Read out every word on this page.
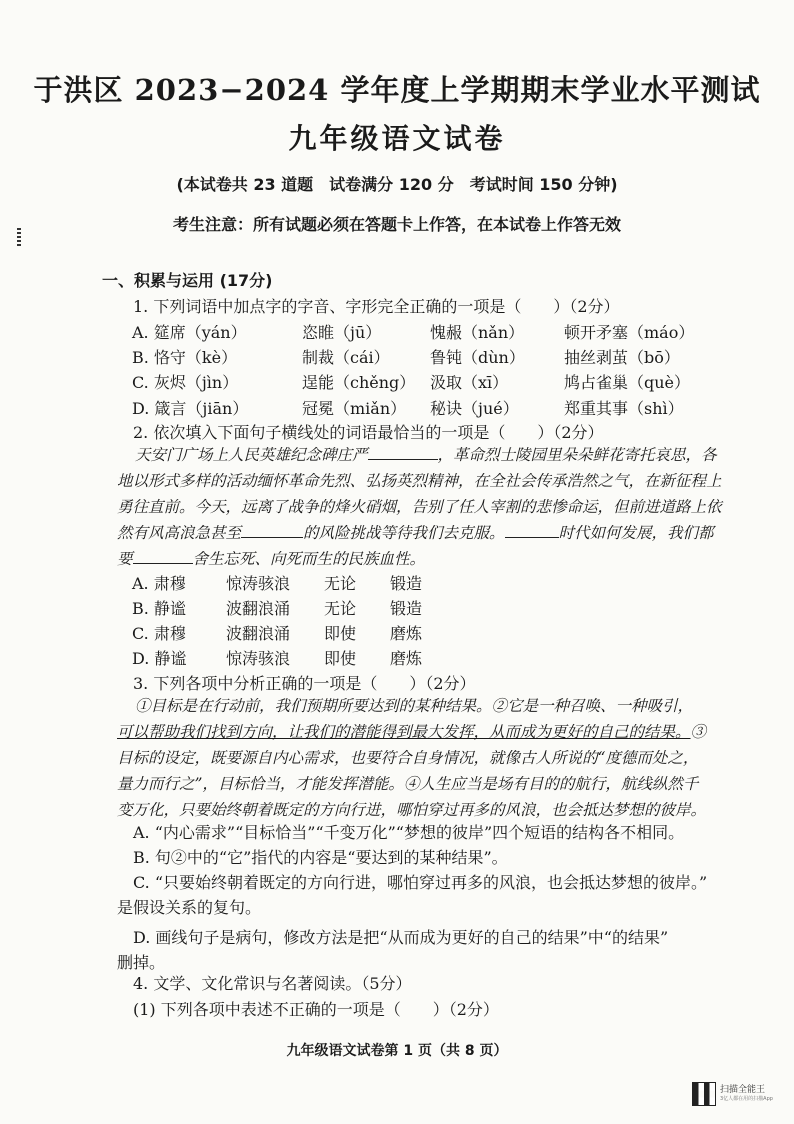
于洪区 2023−2024 学年度上学期期末学业水平测试
九年级语文试卷
(本试卷共 23 道题　试卷满分 120 分　考试时间 150 分钟)
考生注意：所有试题必须在答题卡上作答，在本试卷上作答无效
一、积累与运用 (17分)
1. 下列词语中加点字的字音、字形完全正确的一项是（　　）（2分）
A. 筵席（yán）	恣睢（jū）	愧赧（nǎn） 顿开矛塞（máo）
B. 恪守（kè）	制裁（cái）	鲁钝（dùn） 抽丝剥茧（bō）
C. 灰烬（jìn）	逞能（chěng） 汲取（xī）	鸠占雀巢（què）
D. 箴言（jiān）	冠冕（miǎn） 秘诀（jué）	郑重其事（shì）
2. 依次填入下面句子横线处的词语最恰当的一项是（　　）（2分）
天安门广场上人民英雄纪念碑庄严	，革命烈士陵园里朵朵鲜花寄托哀思，各
地以形式多样的活动缅怀革命先烈、弘扬英烈精神，在全社会传承浩然之气，在新征程上
勇往直前。今天，远离了战争的烽火硝烟，告别了任人宰割的悲惨命运，但前进道路上依
然有风高浪急甚至	的风险挑战等待我们去克服。	时代如何发展，我们都
要	舍生忘死、向死而生的民族血性。
A. 肃穆	惊涛骇浪 无论 锻造
B. 静谧	波翻浪涌 无论 锻造
C. 肃穆	波翻浪涌 即使 磨炼
D. 静谧 惊涛骇浪 即使 磨炼
3. 下列各项中分析正确的一项是（　　）（2分）
①目标是在行动前，我们预期所要达到的某种结果。②它是一种召唤、一种吸引，
可以帮助我们找到方向，让我们的潜能得到最大发挥，从而成为更好的自己的结果。③
目标的设定，既要源自内心需求，也要符合自身情况，就像古人所说的“度德而处之，
量力而行之”，目标恰当，才能发挥潜能。④人生应当是场有目的的航行，航线纵然千
变万化，只要始终朝着既定的方向行进，哪怕穿过再多的风浪，也会抵达梦想的彼岸。
A. “内心需求”“目标恰当”“千变万化”“梦想的彼岸”四个短语的结构各不相同。
B. 句②中的“它”指代的内容是“要达到的某种结果”。
C. “只要始终朝着既定的方向行进，哪怕穿过再多的风浪，也会抵达梦想的彼岸。”
是假设关系的复句。
D. 画线句子是病句，修改方法是把“从而成为更好的自己的结果”中“的结果”
删掉。
4. 文学、文化常识与名著阅读。（5分）
(1) 下列各项中表述不正确的一项是（　　）（2分）
九年级语文试卷第 1 页（共 8 页）
扫描全能王
3亿人都在用的扫描App
